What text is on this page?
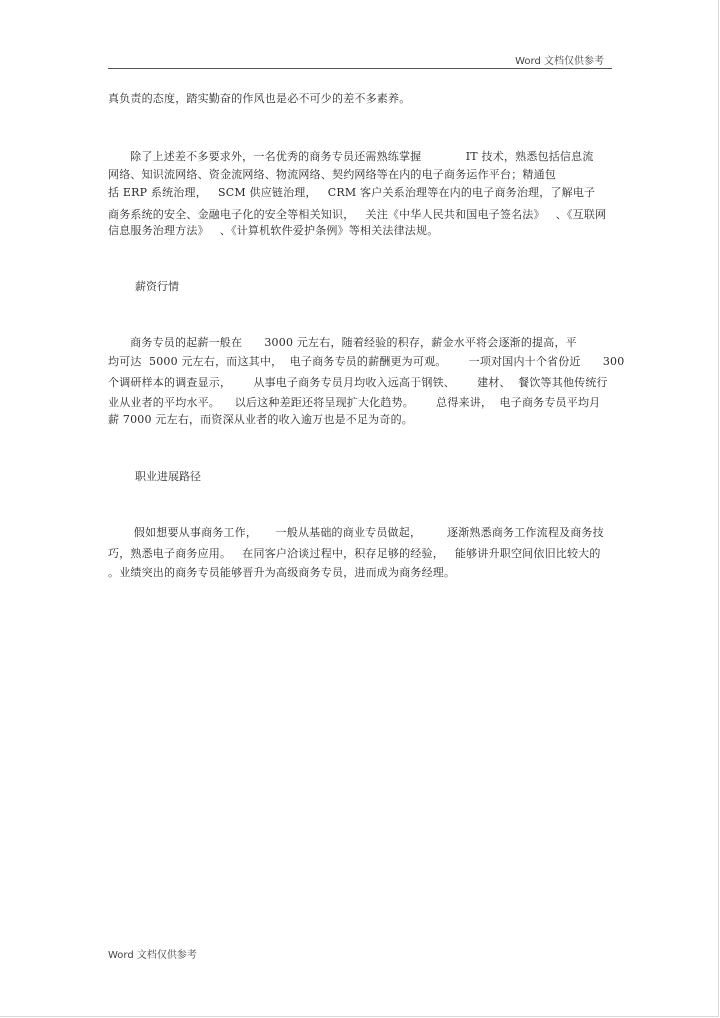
Word 文档仅供参考
真负责的态度，踏实勤奋的作风也是必不可少的差不多素养。
除了上述差不多要求外，一名优秀的商务专员还需熟练掌握            IT 技术，熟悉包括信息流
网络、知识流网络、资金流网络、物流网络、契约网络等在内的电子商务运作平台；精通包
括 ERP 系统治理，   SCM 供应链治理，   CRM 客户关系治理等在内的电子商务治理，了解电子
商务系统的安全、金融电子化的安全等相关知识，   关注《中华人民共和国电子签名法》   、《互联网
信息服务治理方法》   、《计算机软件爱护条例》等相关法律法规。
薪资行情
商务专员的起薪一般在      3000 元左右，随着经验的积存，薪金水平将会逐渐的提高，平
均可达  5000 元左右，而这其中，  电子商务专员的薪酬更为可观。      一项对国内十个省份近      300
个调研样本的调查显示，      从事电子商务专员月均收入远高于钢铁、      建材、  餐饮等其他传统行
业从业者的平均水平。    以后这种差距还将呈现扩大化趋势。      总得来讲，  电子商务专员平均月
薪 7000 元左右，而资深从业者的收入逾万也是不足为奇的。
职业进展路径
假如想要从事商务工作，     一般从基础的商业专员做起，       逐渐熟悉商务工作流程及商务技
巧，熟悉电子商务应用。   在同客户洽谈过程中，积存足够的经验，   能够讲升职空间依旧比较大的
。业绩突出的商务专员能够晋升为高级商务专员，进而成为商务经理。
Word 文档仅供参考
